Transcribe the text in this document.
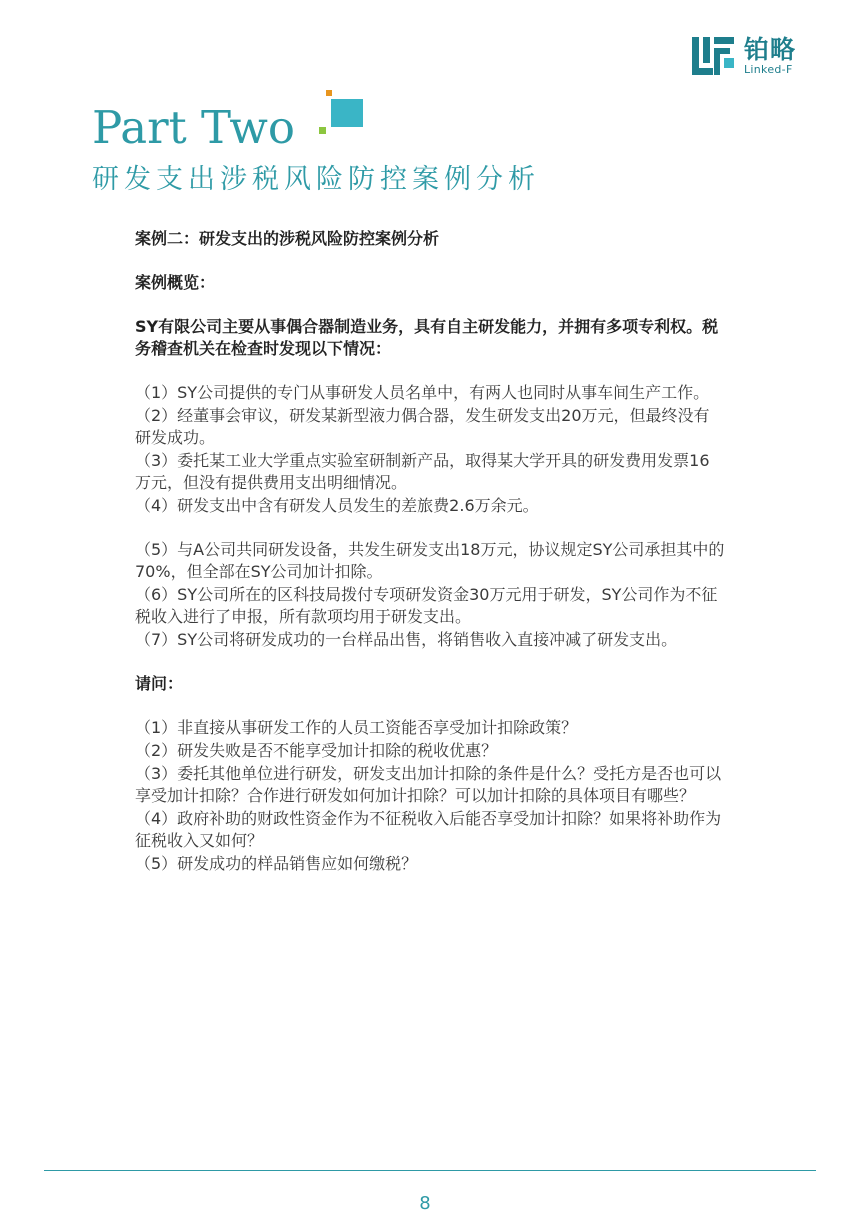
铂略
Linked-F
Part Two
研发支出涉税风险防控案例分析

案例二：研发支出的涉税风险防控案例分析

案例概览：

SY有限公司主要从事偶合器制造业务，具有自主研发能力，并拥有多项专利权。税务稽查机关在检查时发现以下情况：

（1）SY公司提供的专门从事研发人员名单中，有两人也同时从事车间生产工作。

（2）经董事会审议，研发某新型液力偶合器，发生研发支出20万元，但最终没有研发成功。

（3）委托某工业大学重点实验室研制新产品，取得某大学开具的研发费用发票16万元，但没有提供费用支出明细情况。

（4）研发支出中含有研发人员发生的差旅费2.6万余元。

（5）与A公司共同研发设备，共发生研发支出18万元，协议规定SY公司承担其中的70%，但全部在SY公司加计扣除。

（6）SY公司所在的区科技局拨付专项研发资金30万元用于研发，SY公司作为不征税收入进行了申报，所有款项均用于研发支出。

（7）SY公司将研发成功的一台样品出售，将销售收入直接冲减了研发支出。

请问：

（1）非直接从事研发工作的人员工资能否享受加计扣除政策？

（2）研发失败是否不能享受加计扣除的税收优惠？

（3）委托其他单位进行研发，研发支出加计扣除的条件是什么？受托方是否也可以享受加计扣除？合作进行研发如何加计扣除？可以加计扣除的具体项目有哪些？

（4）政府补助的财政性资金作为不征税收入后能否享受加计扣除？如果将补助作为征税收入又如何？

（5）研发成功的样品销售应如何缴税？

8
